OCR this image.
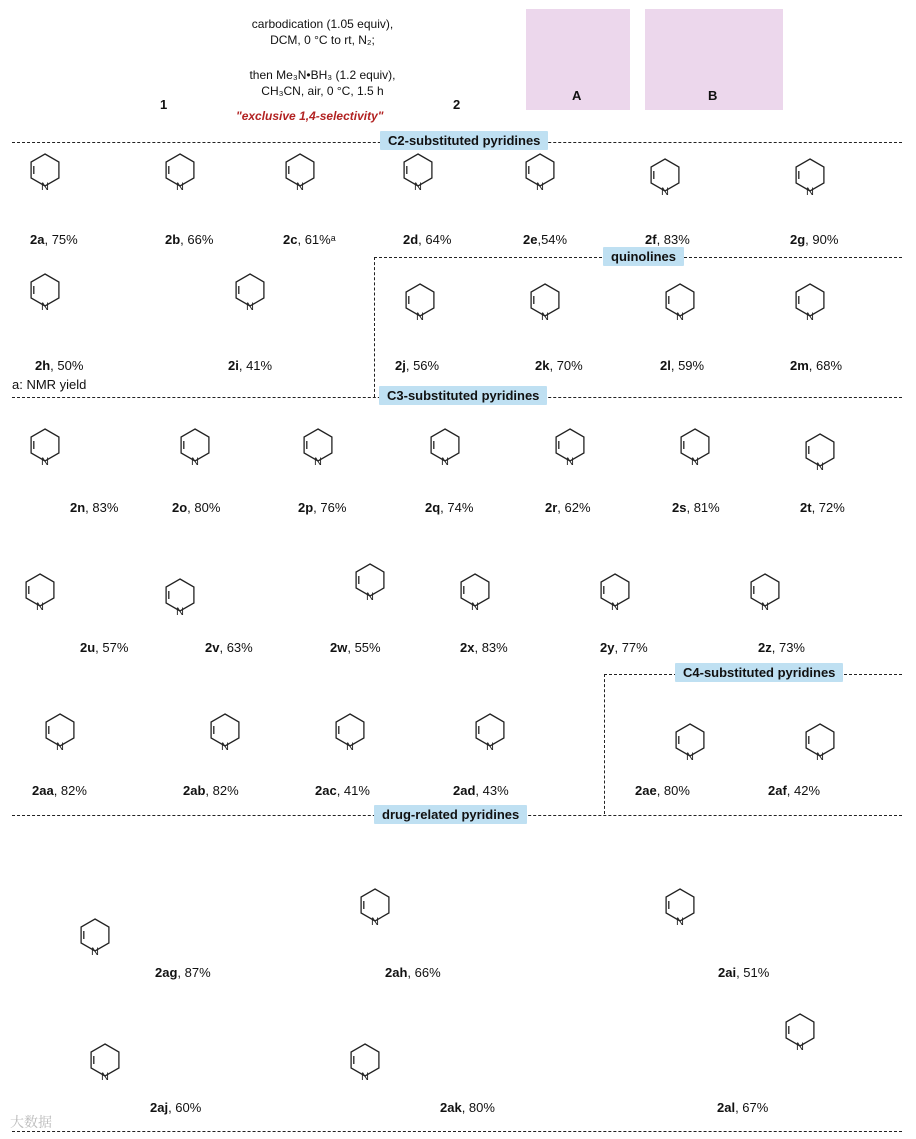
R¹
N
1
carbodication (1.05 equiv),
DCM, 0 °C to rt, N₂;
then Me₃N•BH₃ (1.2 equiv),
CH₃CN, air, 0 °C, 1.5 h
"exclusive 1,4-selectivity"
R¹
N
Pg
2
Me	Me
⊕
A
iPr	iPr
⊕
B
C2-substituted pyridines
quinolines
C3-substituted pyridines
C4-substituted pyridines
drug-related pyridines
a: NMR yield
N	N	N	N	N	N	N
N	N
N	N	N	N
N	N	N	N	N	N	N
N	N
N
N	N	N
N	N	N	N
N	N
N
N	N
N	N
N
2a, 75%	2b, 66%	2c, 61%ᵃ	2d, 64%	2e,54%	2f, 83%	2g, 90%
2h, 50%	2i, 41%	2j, 56%	2k, 70%	2l, 59%	2m, 68%
2n, 83%	2o, 80%	2p, 76%	2q, 74%	2r, 62%	2s, 81%	2t, 72%
2u, 57%	2v, 63%	2w, 55%	2x, 83%	2y, 77%	2z, 73%
2aa, 82%	2ab, 82%	2ac, 41%	2ad, 43%	2ae, 80%	2af, 42%
2ag, 87%	2ah, 66%	2ai, 51%
2aj, 60%	2ak, 80%	2al, 67%
大数据
